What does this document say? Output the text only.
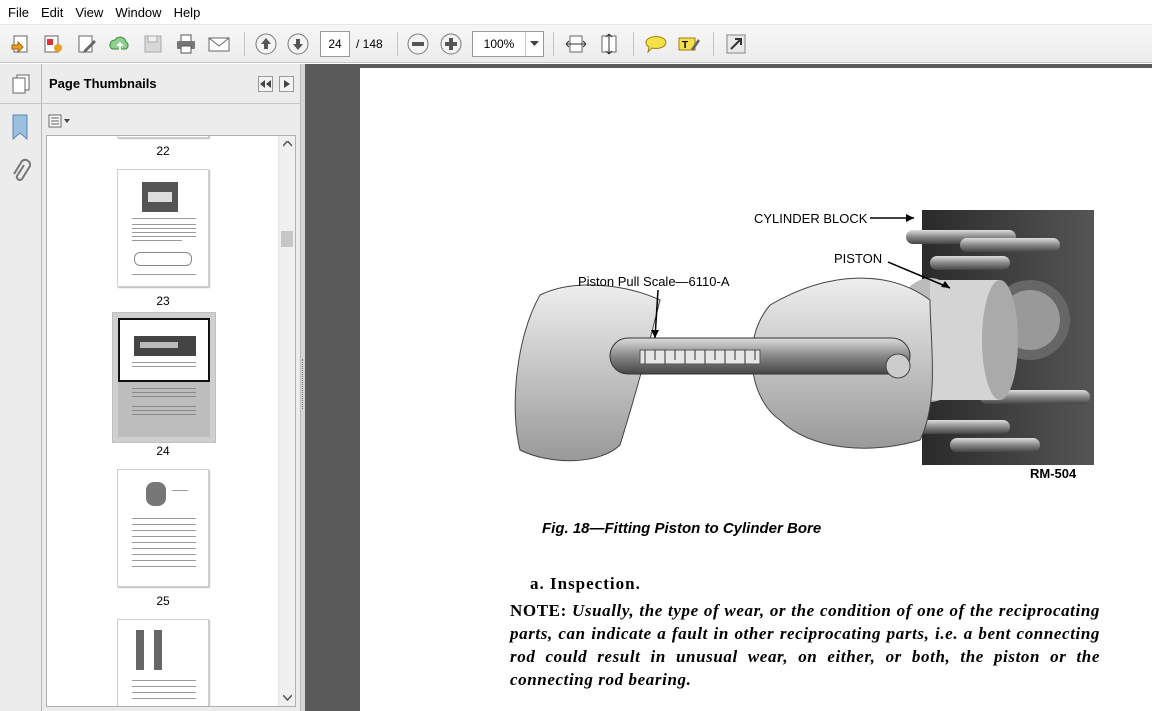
File Edit View Window Help
24	/ 148	100%	T
Page Thumbnails
22
23
24
25
CYLINDER BLOCK
PISTON
Piston Pull Scale—6110-A
RM-504
Fig. 18—Fitting Piston to Cylinder Bore
a. Inspection.
NOTE: Usually, the type of wear, or the condition of one of the reciprocating parts, can indicate a fault in other reciprocating parts, i.e. a bent connecting rod could result in unusual wear, on either, or both, the piston or the connecting rod bearing.
